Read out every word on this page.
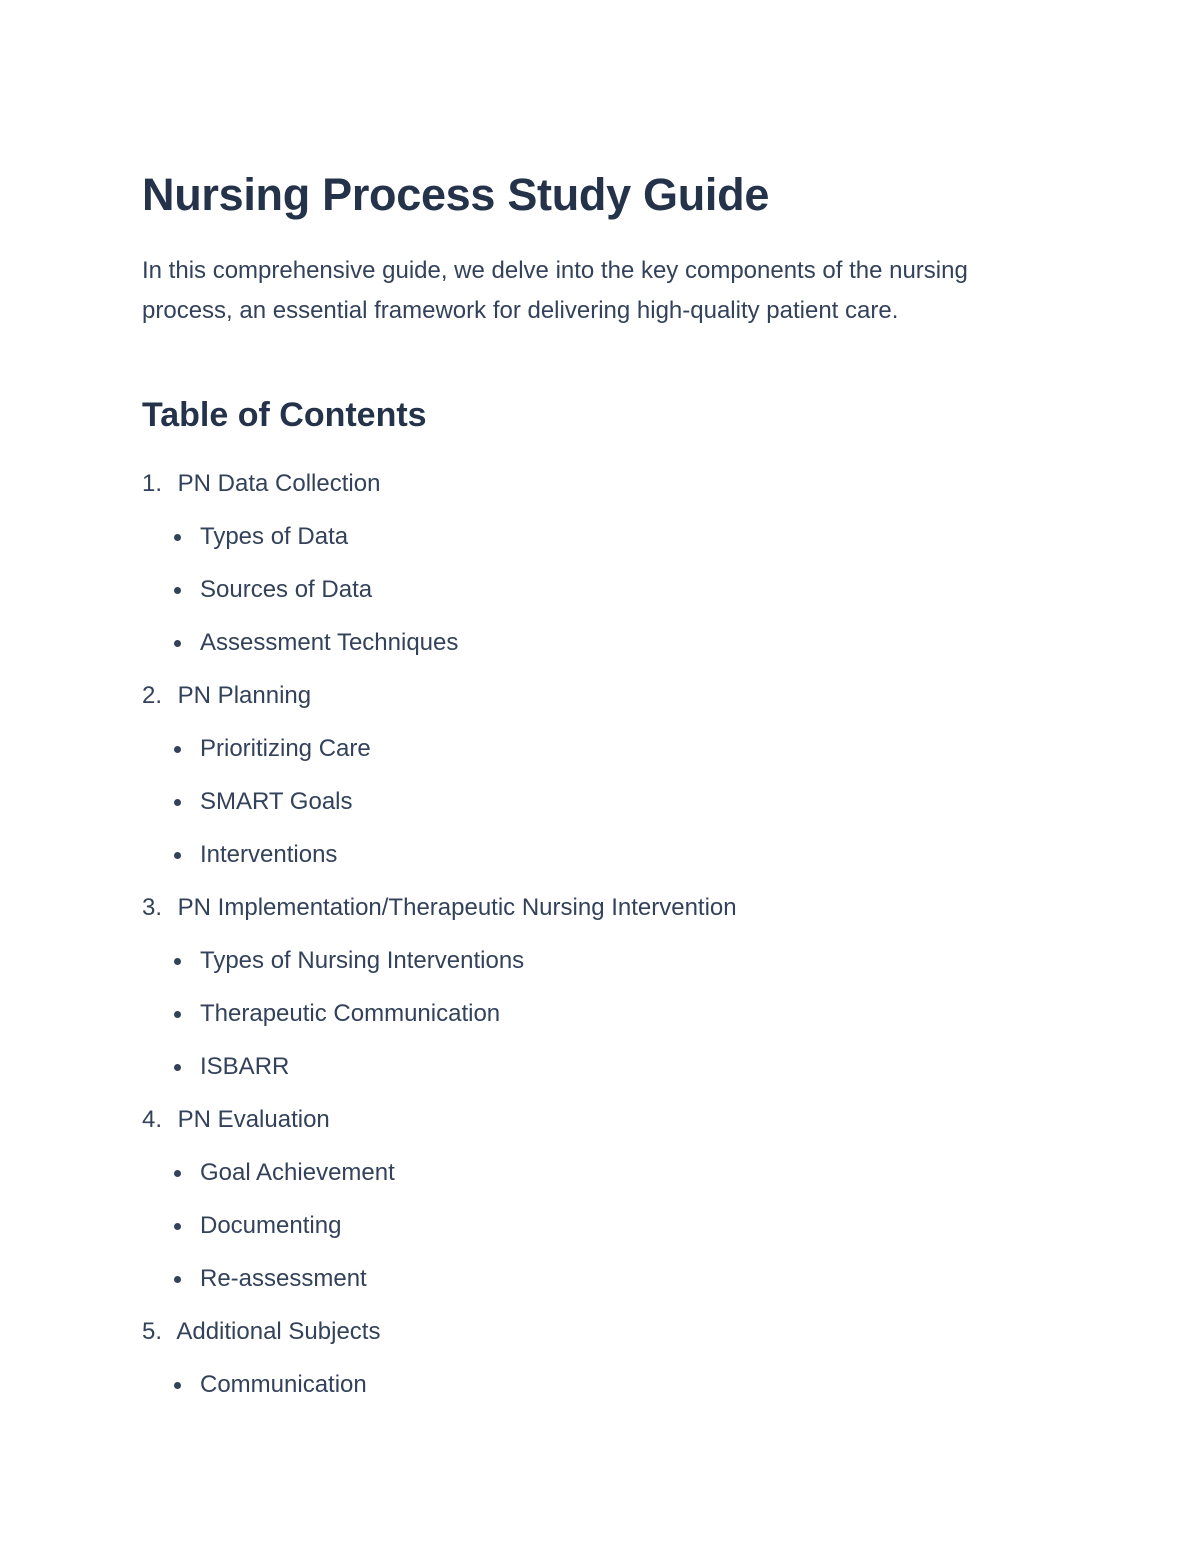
Nursing Process Study Guide

In this comprehensive guide, we delve into the key components of the nursing process, an essential framework for delivering high-quality patient care.

Table of Contents
1. PN Data Collection
Types of Data
Sources of Data
Assessment Techniques
2. PN Planning
Prioritizing Care
SMART Goals
Interventions
3. PN Implementation/Therapeutic Nursing Intervention
Types of Nursing Interventions
Therapeutic Communication
ISBARR
4. PN Evaluation
Goal Achievement
Documenting
Re-assessment
5. Additional Subjects
Communication
